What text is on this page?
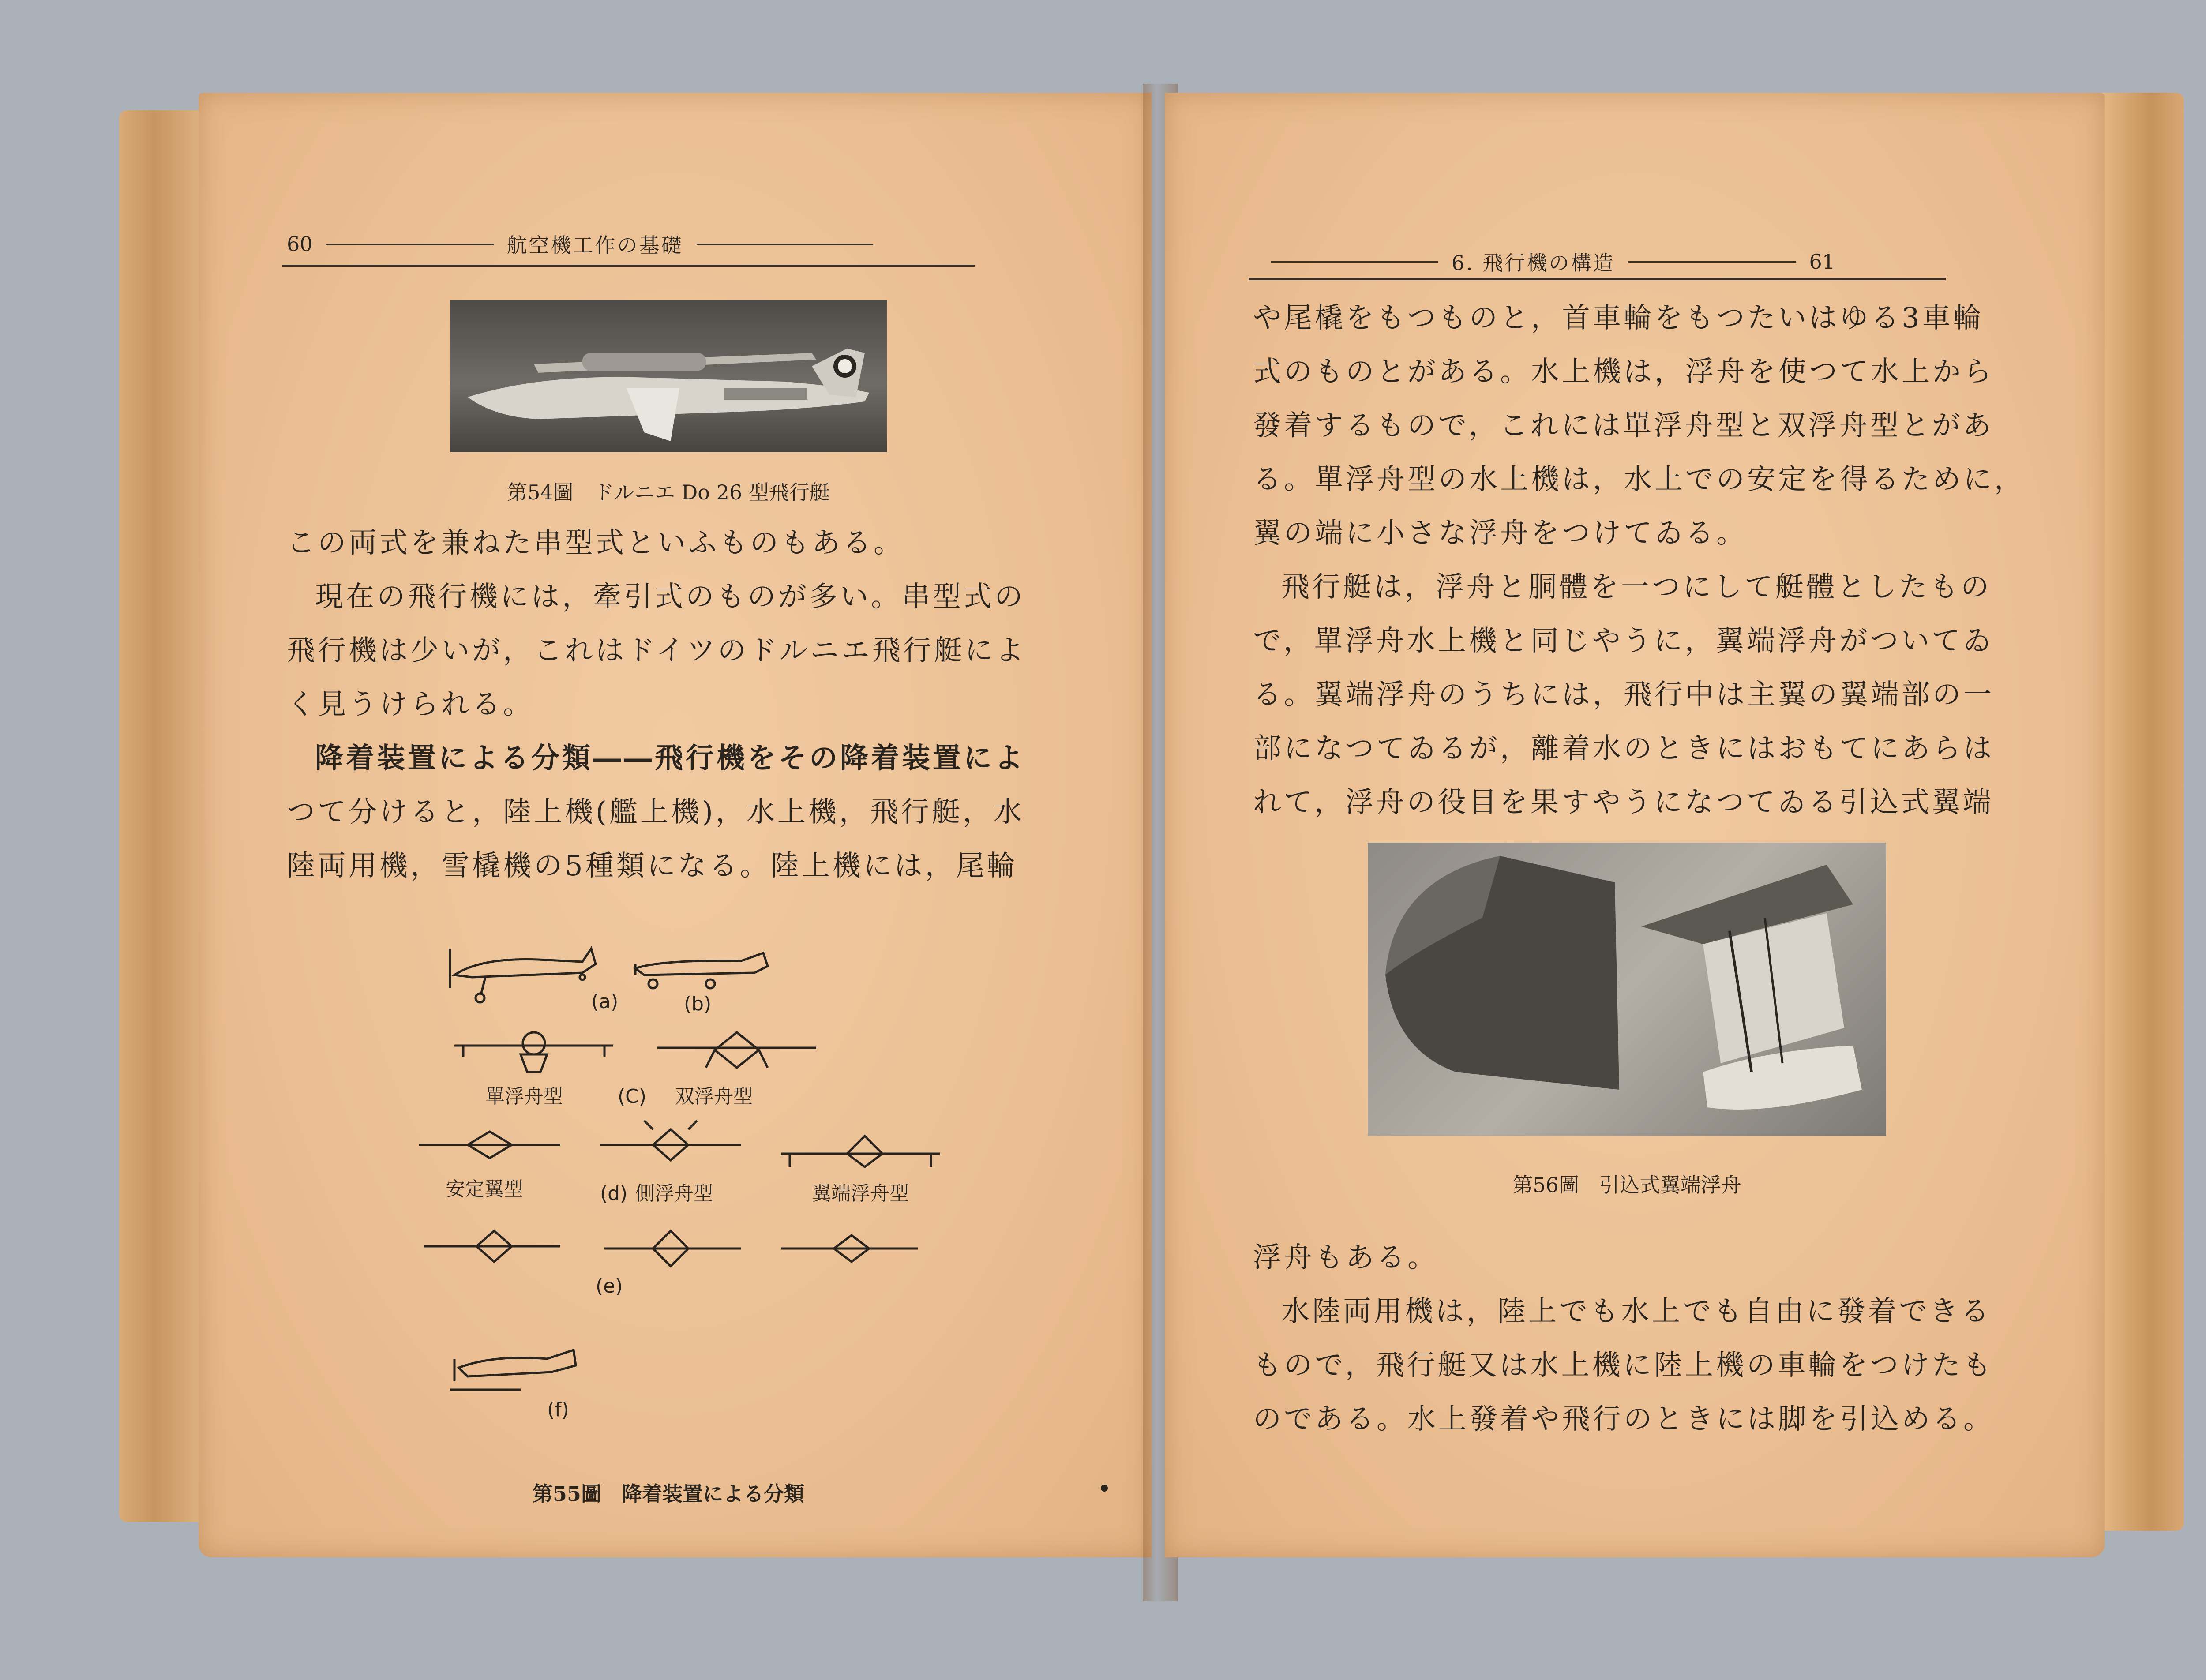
60	航空機工作の基礎
第54圖　ドルニエ Do 26 型飛行艇

この両式を兼ねた串型式といふものもある。

現在の飛行機には，牽引式のものが多い。串型式の

飛行機は少いが，これはドイツのドルニエ飛行艇によ

く見うけられる。

降着装置による分類――飛行機をその降着装置によ

つて分けると，陸上機(艦上機)，水上機，飛行艇，水

陸両用機，雪橇機の5種類になる。陸上機には，尾輪

(a)	(b)
單浮舟型	(C) 双浮舟型
安定翼型	(d) 側浮舟型	翼端浮舟型
(e)
(f)
第55圖　降着装置による分類
6. 飛行機の構造	61

や尾橇をもつものと，首車輪をもつたいはゆる3車輪

式のものとがある。水上機は，浮舟を使つて水上から

發着するもので，これには單浮舟型と双浮舟型とがあ

る。單浮舟型の水上機は，水上での安定を得るために，

翼の端に小さな浮舟をつけてゐる。

飛行艇は，浮舟と胴體を一つにして艇體としたもの

で，單浮舟水上機と同じやうに，翼端浮舟がついてゐ

る。翼端浮舟のうちには，飛行中は主翼の翼端部の一

部になつてゐるが，離着水のときにはおもてにあらは

れて，浮舟の役目を果すやうになつてゐる引込式翼端

第56圖　引込式翼端浮舟

浮舟もある。

水陸両用機は，陸上でも水上でも自由に發着できる

もので，飛行艇又は水上機に陸上機の車輪をつけたも

のである。水上發着や飛行のときには脚を引込める。
